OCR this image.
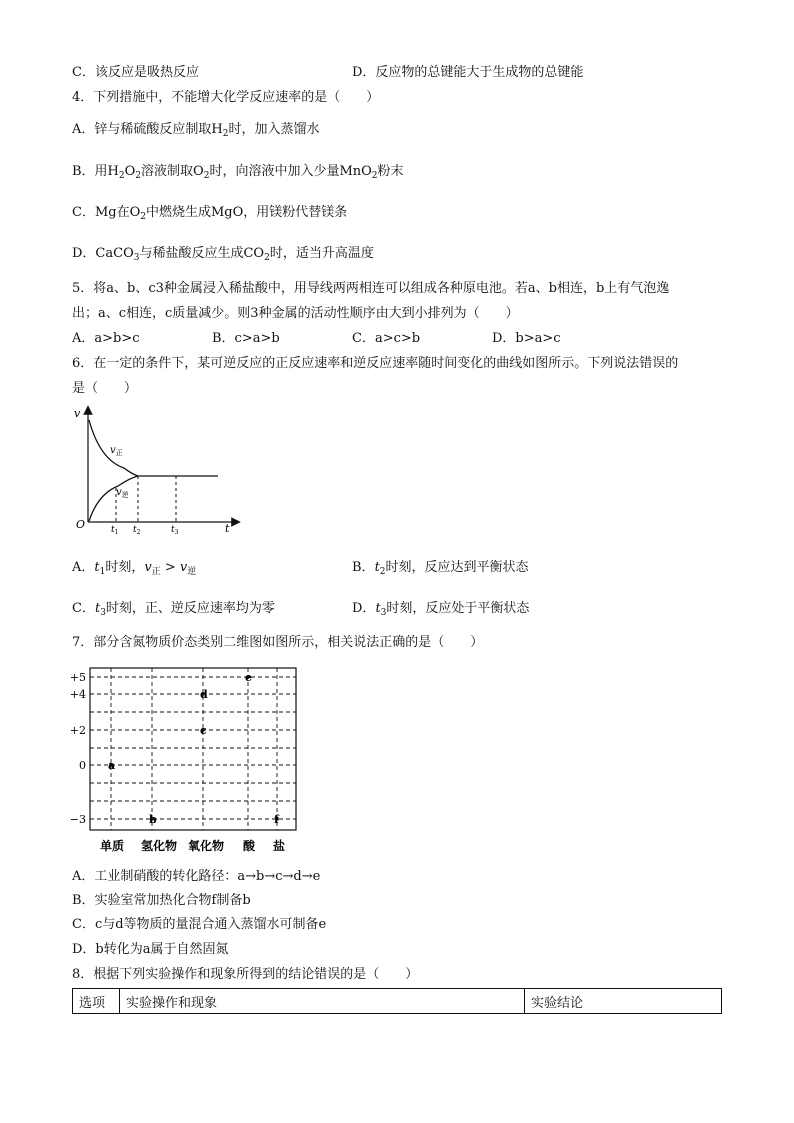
C．该反应是吸热反应	D．反应物的总键能大于生成物的总键能
4．下列措施中，不能增大化学反应速率的是（　　）
A．锌与稀硫酸反应制取$H_2$时，加入蒸馏水
B．用$H_2O_2$溶液制取$O_2$时，向溶液中加入少量MnO$_2$粉末
C．Mg在$O_2$中燃烧生成MgO，用镁粉代替镁条
D．CaCO$_3$与稀盐酸反应生成$CO_2$时，适当升高温度
5．将a、b、c3种金属浸入稀盐酸中，用导线两两相连可以组成各种原电池。若a、b相连，b上有气泡逸
出；a、c相连，c质量减少。则3种金属的活动性顺序由大到小排列为（　　）
A．a>b>c	B．c>a>b	C．a>c>b	D．b>a>c
6．在一定的条件下，某可逆反应的正反应速率和逆反应速率随时间变化的曲线如图所示。下列说法错误的
是（　　）
v
$v_正$
$v_逆$
O	t
$t_1$ $t_2$	$t_3$
A．$t_1$时刻，$v_正 > v_逆$	B．$t_2$时刻，反应达到平衡状态
C．$t_3$时刻，正、逆反应速率均为零	D．$t_3$时刻，反应处于平衡状态
7．部分含氮物质价态类别二维图如图所示，相关说法正确的是（　　）
+5
+4
+2
0
−3
单质 氢化物 氧化物 酸 盐
a
b
c
d
e
f
A．工业制硝酸的转化路径：a→b→c→d→e
B．实验室常加热化合物f制备b
C．c与d等物质的量混合通入蒸馏水可制备e
D．b转化为a属于自然固氮
8．根据下列实验操作和现象所得到的结论错误的是（　　）
选项	实验操作和现象	实验结论
